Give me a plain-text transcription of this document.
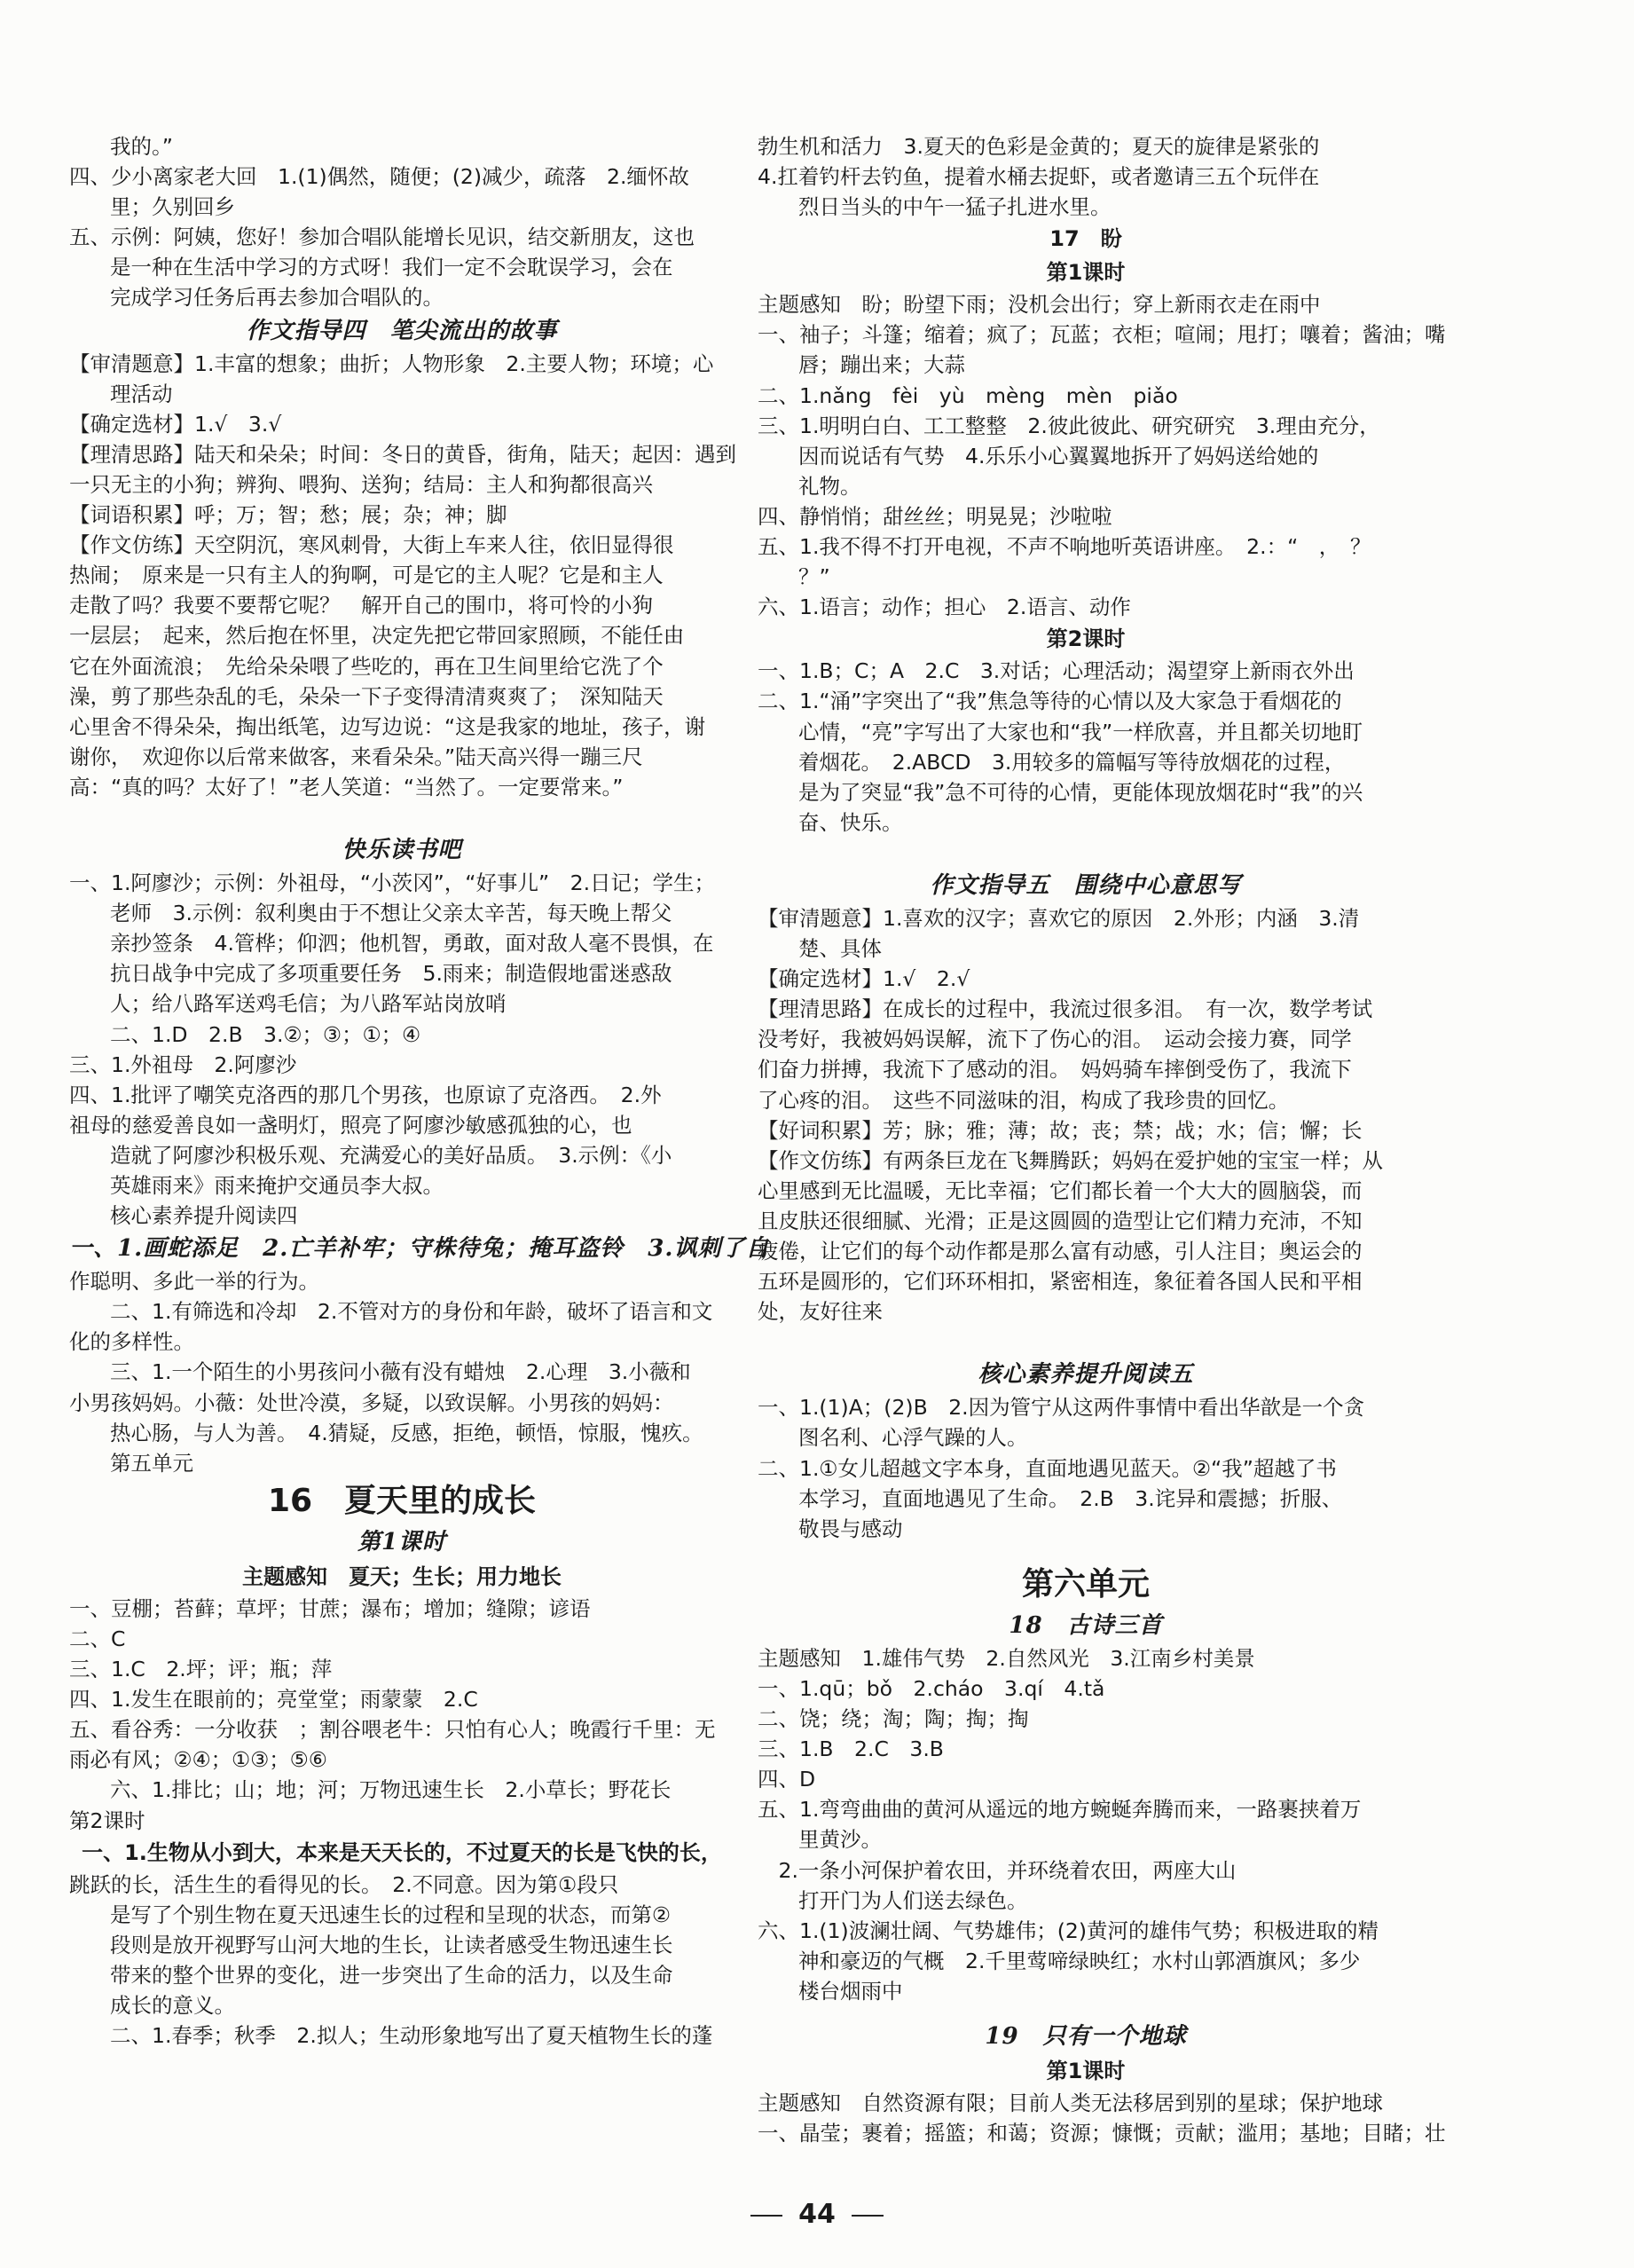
我的。”
四、少小离家老大回　1.(1)偶然，随便；(2)减少，疏落　2.缅怀故
里；久别回乡
五、示例：阿姨，您好！参加合唱队能增长见识，结交新朋友，这也
是一种在生活中学习的方式呀！我们一定不会耽误学习，会在
完成学习任务后再去参加合唱队的。
作文指导四　笔尖流出的故事
【审清题意】1.丰富的想象；曲折；人物形象　2.主要人物；环境；心
理活动
【确定选材】1.√　3.√
【理清思路】陆天和朵朵；时间：冬日的黄昏，街角，陆天；起因：遇到
一只无主的小狗；辨狗、喂狗、送狗；结局：主人和狗都很高兴
【词语积累】呼；万；智；愁；展；杂；神；脚
【作文仿练】天空阴沉，寒风刺骨，大街上车来人往，依旧显得很
热闹；　原来是一只有主人的狗啊，可是它的主人呢？它是和主人
走散了吗？我要不要帮它呢？　解开自己的围巾，将可怜的小狗
一层层；　起来，然后抱在怀里，决定先把它带回家照顾，不能任由
它在外面流浪；　先给朵朵喂了些吃的，再在卫生间里给它洗了个
澡，剪了那些杂乱的毛，朵朵一下子变得清清爽爽了；　深知陆天
心里舍不得朵朵，掏出纸笔，边写边说：“这是我家的地址，孩子，谢
谢你，　欢迎你以后常来做客，来看朵朵。”陆天高兴得一蹦三尺
高：“真的吗？太好了！”老人笑道：“当然了。一定要常来。”
快乐读书吧
一、1.阿廖沙；示例：外祖母，“小茨冈”，“好事儿”　2.日记；学生；
老师　3.示例：叙利奥由于不想让父亲太辛苦，每天晚上帮父
亲抄签条　4.管桦；仰泗；他机智，勇敢，面对敌人毫不畏惧，在
抗日战争中完成了多项重要任务　5.雨来；制造假地雷迷惑敌
人；给八路军送鸡毛信；为八路军站岗放哨
二、1.D　2.B　3.②；③；①；④
三、1.外祖母　2.阿廖沙
四、1.批评了嘲笑克洛西的那几个男孩，也原谅了克洛西。　2.外
祖母的慈爱善良如一盏明灯，照亮了阿廖沙敏感孤独的心，也
造就了阿廖沙积极乐观、充满爱心的美好品质。　3.示例：《小
英雄雨来》雨来掩护交通员李大叔。
核心素养提升阅读四
一、1.画蛇添足　2.亡羊补牢；守株待兔；掩耳盗铃　3.讽刺了自
作聪明、多此一举的行为。
二、1.有筛选和冷却　2.不管对方的身份和年龄，破坏了语言和文
化的多样性。
三、1.一个陌生的小男孩问小薇有没有蜡烛　2.心理　3.小薇和
小男孩妈妈。小薇：处世冷漠，多疑，以致误解。小男孩的妈妈：
热心肠，与人为善。　4.猜疑，反感，拒绝，顿悟，惊服，愧疚。
第五单元
16　夏天里的成长
第1课时
主题感知　夏天；生长；用力地长
一、豆棚；苔藓；草坪；甘蔗；瀑布；增加；缝隙；谚语
二、C
三、1.C　2.坪；评；瓶；萍
四、1.发生在眼前的；亮堂堂；雨蒙蒙　2.C
五、看谷秀：一分收获　；割谷喂老牛：只怕有心人；晚霞行千里：无
雨必有风；②④；①③；⑤⑥
六、1.排比；山；地；河；万物迅速生长　2.小草长；野花长
第2课时
一、1.生物从小到大，本来是天天长的，不过夏天的长是飞快的长，
跳跃的长，活生生的看得见的长。　2.不同意。因为第①段只
是写了个别生物在夏天迅速生长的过程和呈现的状态，而第②
段则是放开视野写山河大地的生长，让读者感受生物迅速生长
带来的整个世界的变化，进一步突出了生命的活力，以及生命
成长的意义。
二、1.春季；秋季　2.拟人；生动形象地写出了夏天植物生长的蓬
勃生机和活力　3.夏天的色彩是金黄的；夏天的旋律是紧张的
4.扛着钓杆去钓鱼，提着水桶去捉虾，或者邀请三五个玩伴在
烈日当头的中午一猛子扎进水里。
17　盼
第1课时
主题感知　盼；盼望下雨；没机会出行；穿上新雨衣走在雨中
一、袖子；斗篷；缩着；疯了；瓦蓝；衣柜；喧闹；甩打；嚷着；酱油；嘴
唇；蹦出来；大蒜
二、1.nǎng　fèi　yù　mèng　mèn　piǎo
三、1.明明白白、工工整整　2.彼此彼此、研究研究　3.理由充分，
因而说话有气势　4.乐乐小心翼翼地拆开了妈妈送给她的
礼物。
四、静悄悄；甜丝丝；明晃晃；沙啦啦
五、1.我不得不打开电视，不声不响地听英语讲座。　2.：“　，　？
？”
六、1.语言；动作；担心　2.语言、动作
第2课时
一、1.B；C；A　2.C　3.对话；心理活动；渴望穿上新雨衣外出
二、1.“涌”字突出了“我”焦急等待的心情以及大家急于看烟花的
心情，“亮”字写出了大家也和“我”一样欣喜，并且都关切地盯
着烟花。　2.ABCD　3.用较多的篇幅写等待放烟花的过程，
是为了突显“我”急不可待的心情，更能体现放烟花时“我”的兴
奋、快乐。
作文指导五　围绕中心意思写
【审清题意】1.喜欢的汉字；喜欢它的原因　2.外形；内涵　3.清
楚、具体
【确定选材】1.√　2.√
【理清思路】在成长的过程中，我流过很多泪。　有一次，数学考试
没考好，我被妈妈误解，流下了伤心的泪。　运动会接力赛，同学
们奋力拼搏，我流下了感动的泪。　妈妈骑车摔倒受伤了，我流下
了心疼的泪。　这些不同滋味的泪，构成了我珍贵的回忆。
【好词积累】芳；脉；雅；薄；故；丧；禁；战；水；信；懈；长
【作文仿练】有两条巨龙在飞舞腾跃；妈妈在爱护她的宝宝一样；从
心里感到无比温暖，无比幸福；它们都长着一个大大的圆脑袋，而
且皮肤还很细腻、光滑；正是这圆圆的造型让它们精力充沛，不知
疲倦，让它们的每个动作都是那么富有动感，引人注目；奥运会的
五环是圆形的，它们环环相扣，紧密相连，象征着各国人民和平相
处，友好往来
核心素养提升阅读五
一、1.(1)A；(2)B　2.因为管宁从这两件事情中看出华歆是一个贪
图名利、心浮气躁的人。
二、1.①女儿超越文字本身，直面地遇见蓝天。②“我”超越了书
本学习，直面地遇见了生命。　2.B　3.诧异和震撼；折服、
敬畏与感动
第六单元
18　古诗三首
主题感知　1.雄伟气势　2.自然风光　3.江南乡村美景
一、1.qū；bǒ　2.cháo　3.qí　4.tǎ
二、饶；绕；淘；陶；掏；掏
三、1.B　2.C　3.B
四、D
五、1.弯弯曲曲的黄河从遥远的地方蜿蜒奔腾而来，一路裹挟着万
里黄沙。
　2.一条小河保护着农田，并环绕着农田，两座大山
打开门为人们送去绿色。
六、1.(1)波澜壮阔、气势雄伟；(2)黄河的雄伟气势；积极进取的精
神和豪迈的气概　2.千里莺啼绿映红；水村山郭酒旗风；多少
楼台烟雨中
19　只有一个地球
第1课时
主题感知　自然资源有限；目前人类无法移居到别的星球；保护地球
一、晶莹；裹着；摇篮；和蔼；资源；慷慨；贡献；滥用；基地；目睹；壮
44
